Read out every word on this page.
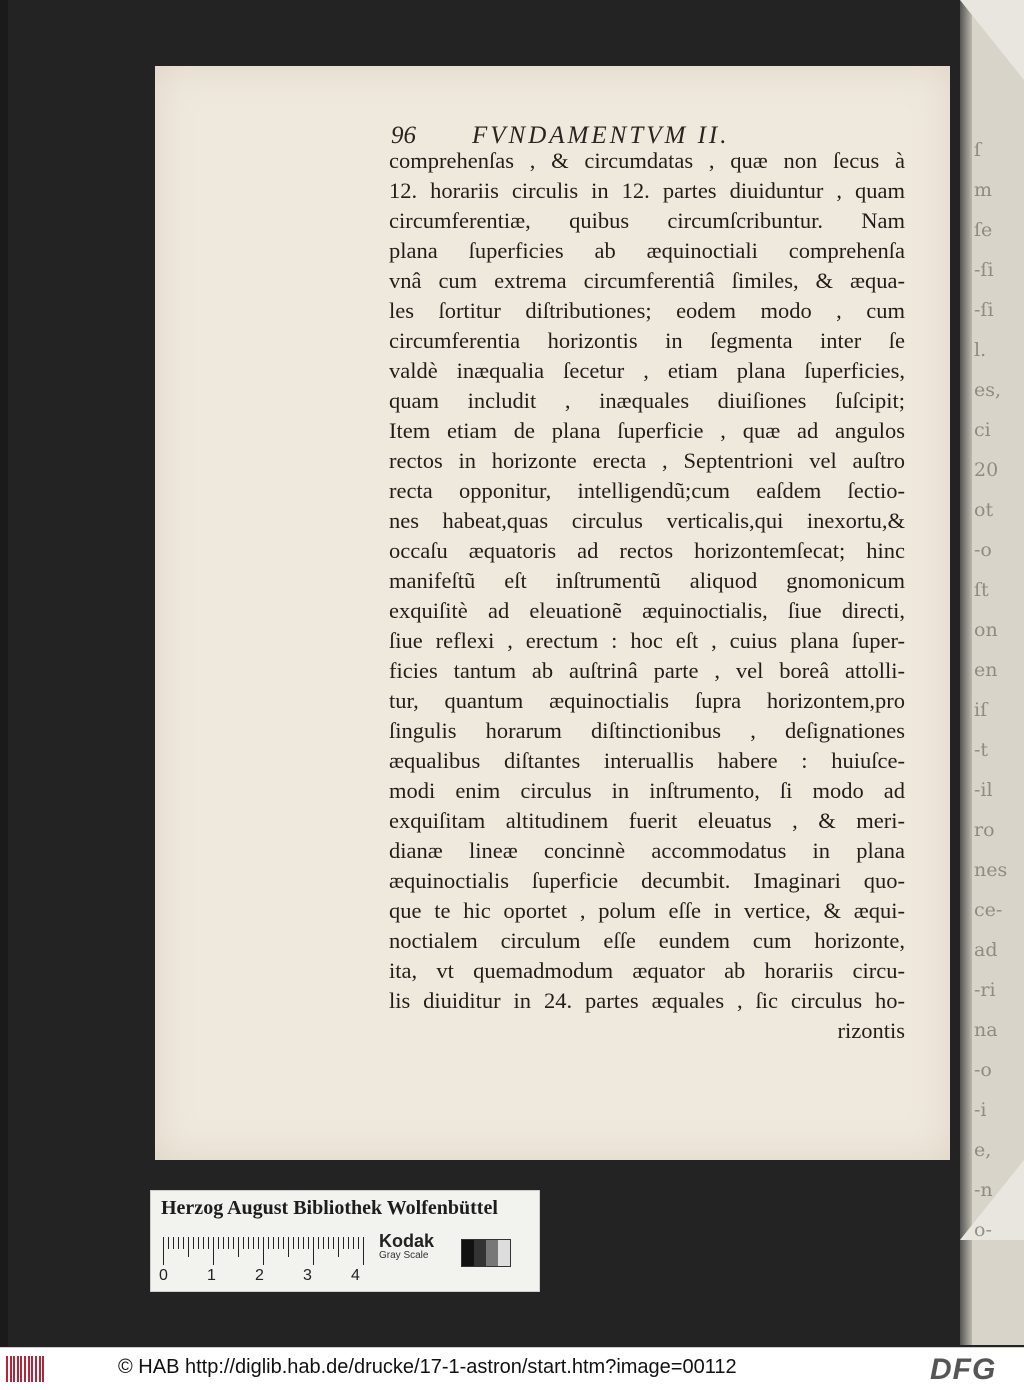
ſ
m
ſe
-ſi
-ſi
l.
es,
ci
20
ot
-o
ſt
on
en
iſ
-t
-il
ro
nes
ce-
ad
-ri
na
-o
-i
e,
-n
o-
96 FVNDAMENTVM II.
comprehenſas , & circumdatas , quæ non ſecus à
12. horariis circulis in 12. partes diuiduntur , quam
circumferentiæ, quibus circumſcribuntur. Nam
plana ſuperficies ab æquinoctiali comprehenſa
vnâ cum extrema circumferentiâ ſimiles, & æqua-
les ſortitur diſtributiones; eodem modo , cum
circumferentia horizontis in ſegmenta inter ſe
valdè inæqualia ſecetur , etiam plana ſuperficies,
quam includit , inæquales diuiſiones ſuſcipit;
Item etiam de plana ſuperficie , quæ ad angulos
rectos in horizonte erecta , Septentrioni vel auſtro
recta opponitur, intelligendũ;cum eaſdem ſectio-
nes habeat,quas circulus verticalis,qui inexortu,&
occaſu æquatoris ad rectos horizontemſecat; hinc
manifeſtũ eſt inſtrumentũ aliquod gnomonicum
exquiſitè ad eleuationẽ æquinoctialis, ſiue directi,
ſiue reflexi , erectum : hoc eſt , cuius plana ſuper-
ficies tantum ab auſtrinâ parte , vel boreâ attolli-
tur, quantum æquinoctialis ſupra horizontem,pro
ſingulis horarum diſtinctionibus , deſignationes
æqualibus diſtantes interuallis habere : huiuſce-
modi enim circulus in inſtrumento, ſi modo ad
exquiſitam altitudinem fuerit eleuatus , & meri-
dianæ lineæ concinnè accommodatus in plana
æquinoctialis ſuperficie decumbit. Imaginari quo-
que te hic oportet , polum eſſe in vertice, & æqui-
noctialem circulum eſſe eundem cum horizonte,
ita, vt quemadmodum æquator ab horariis circu-
lis diuiditur in 24. partes æquales , ſic circulus ho-
rizontis
Herzog August Bibliothek Wolfenbüttel
0 1 2 3 4
Kodak
Gray Scale
© HAB http://diglib.hab.de/drucke/17-1-astron/start.htm?image=00112	DFG
